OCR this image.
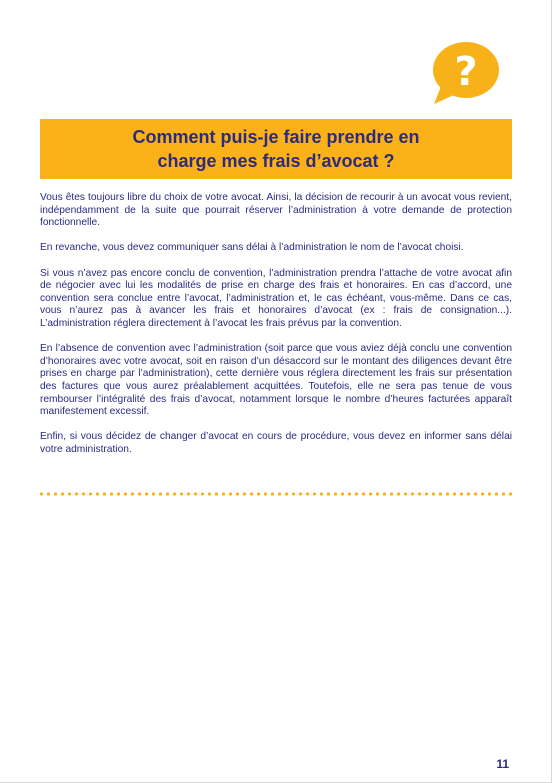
?
Comment puis-je faire prendre en
charge mes frais d’avocat ?

Vous êtes toujours libre du choix de votre avocat. Ainsi, la décision de recourir à un avocat vous revient, indépendamment de la suite que pourrait réserver l’administration à votre demande de protection fonctionnelle.

En revanche, vous devez communiquer sans délai à l’administration le nom de l’avocat choisi.

Si vous n’avez pas encore conclu de convention, l’administration prendra l’attache de votre avocat afin de négocier avec lui les modalités de prise en charge des frais et honoraires. En cas d’accord, une convention sera conclue entre l’avocat, l’administration et, le cas échéant, vous-même. Dans ce cas, vous n’aurez pas à avancer les frais et honoraires d’avocat (ex : frais de consignation...). L’administration réglera directement à l’avocat les frais prévus par la convention.

En l’absence de convention avec l’administration (soit parce que vous aviez déjà conclu une convention d’honoraires avec votre avocat, soit en raison d’un désaccord sur le montant des diligences devant être prises en charge par l’administration), cette dernière vous réglera directement les frais sur présentation des factures que vous aurez préalablement acquittées. Toutefois, elle ne sera pas tenue de vous rembourser l’intégralité des frais d’avocat, notamment lorsque le nombre d’heures facturées apparaît manifestement excessif.

Enfin, si vous décidez de changer d’avocat en cours de procédure, vous devez en informer sans délai votre administration.

11
